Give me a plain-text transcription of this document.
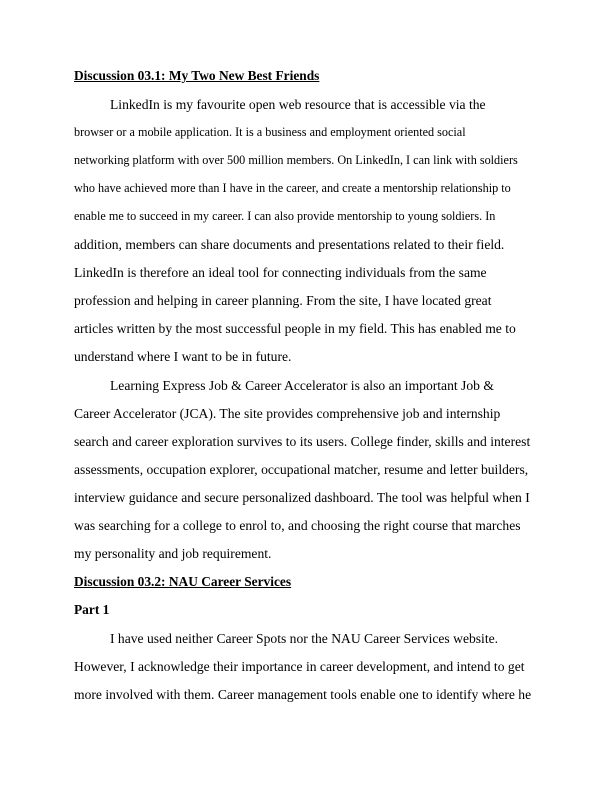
Discussion 03.1: My Two New Best Friends
LinkedIn is my favourite open web resource that is accessible via the
browser or a mobile application. It is a business and employment oriented social
networking platform with over 500 million members. On LinkedIn, I can link with soldiers
who have achieved more than I have in the career, and create a mentorship relationship to
enable me to succeed in my career. I can also provide mentorship to young soldiers. In
addition, members can share documents and presentations related to their field.
LinkedIn is therefore an ideal tool for connecting individuals from the same
profession and helping in career planning. From the site, I have located great
articles written by the most successful people in my field. This has enabled me to
understand where I want to be in future.
Learning Express Job & Career Accelerator is also an important Job &
Career Accelerator (JCA). The site provides comprehensive job and internship
search and career exploration survives to its users. College finder, skills and interest
assessments, occupation explorer, occupational matcher, resume and letter builders,
interview guidance and secure personalized dashboard. The tool was helpful when I
was searching for a college to enrol to, and choosing the right course that marches
my personality and job requirement.
Discussion 03.2: NAU Career Services
Part 1
I have used neither Career Spots nor the NAU Career Services website.
However, I acknowledge their importance in career development, and intend to get
more involved with them. Career management tools enable one to identify where he
